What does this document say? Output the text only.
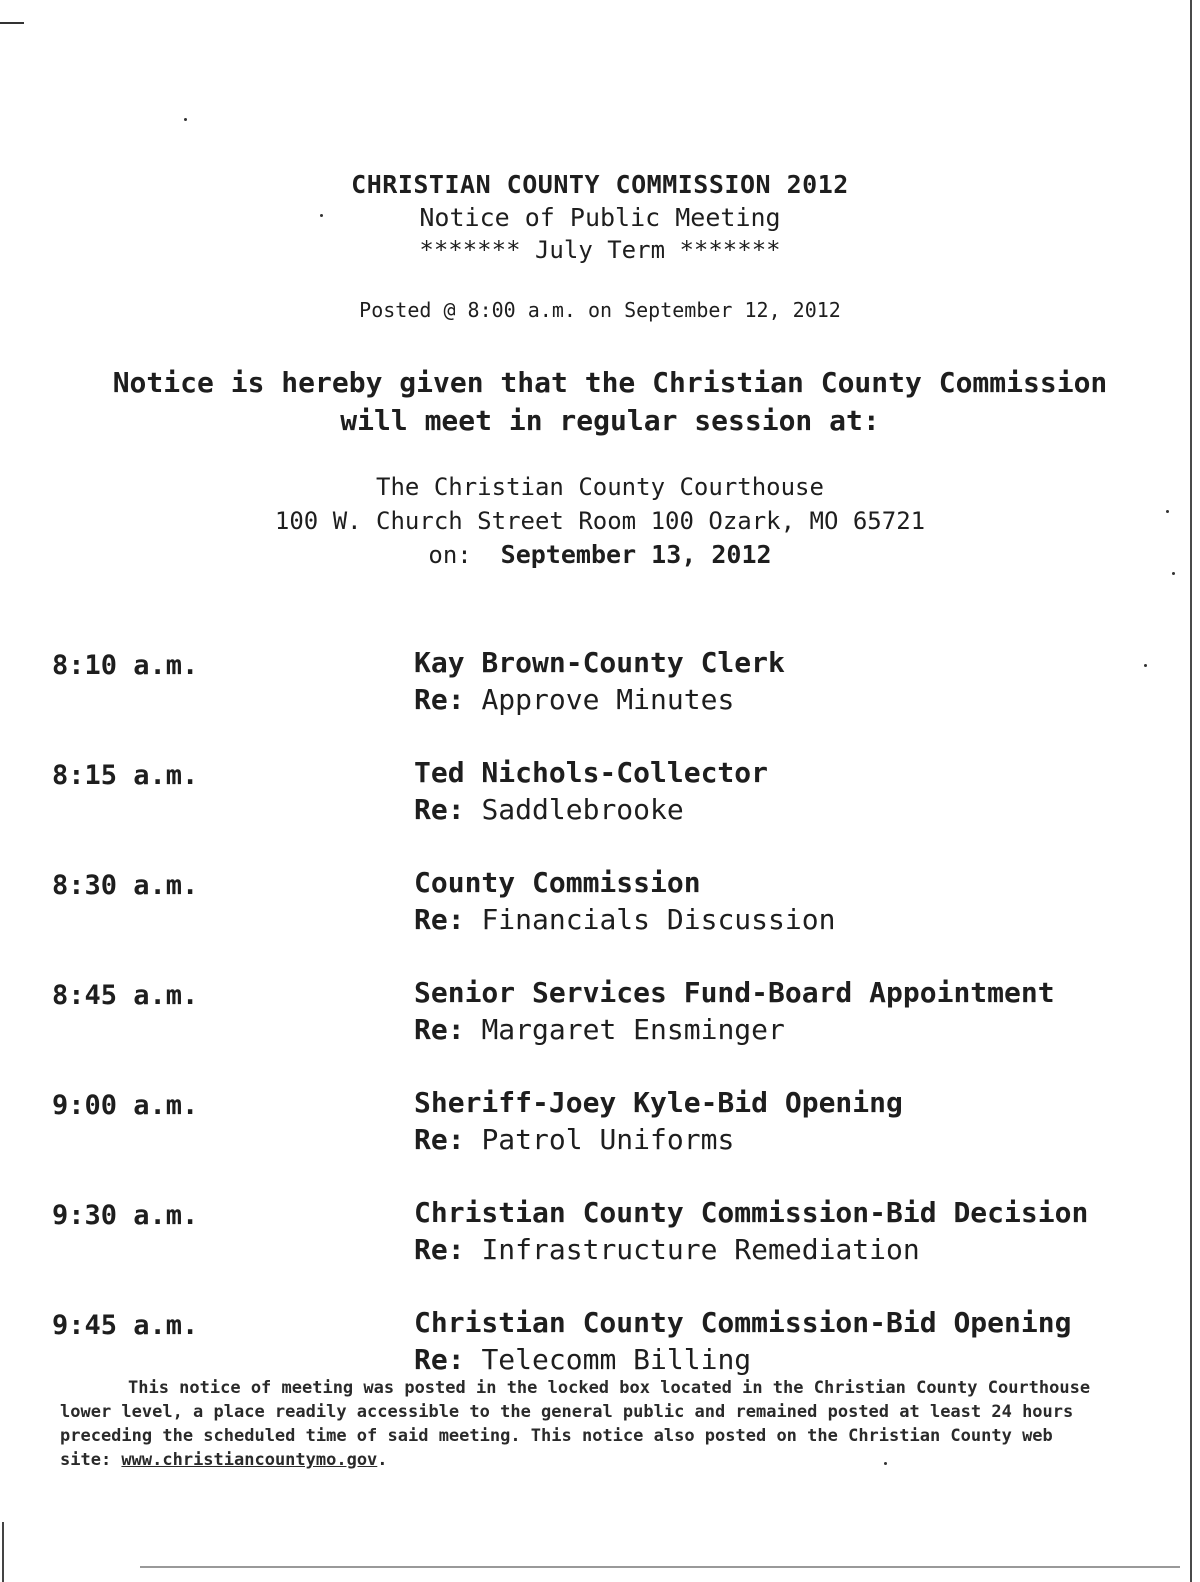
CHRISTIAN COUNTY COMMISSION 2012

Notice of Public Meeting

******* July Term *******

Posted @ 8:00 a.m. on September 12, 2012
Notice is hereby given that the Christian County Commission
will meet in regular session at:
The Christian County Courthouse
100 W. Church Street Room 100 Ozark, MO 65721
on: September 13, 2012
8:10 a.m.	Kay Brown-County Clerk
Re: Approve Minutes
8:15 a.m.	Ted Nichols-Collector
Re: Saddlebrooke
8:30 a.m.	County Commission
Re: Financials Discussion
8:45 a.m.	Senior Services Fund-Board Appointment
Re: Margaret Ensminger
9:00 a.m.	Sheriff-Joey Kyle-Bid Opening
Re: Patrol Uniforms
9:30 a.m.	Christian County Commission-Bid Decision
Re: Infrastructure Remediation
9:45 a.m.	Christian County Commission-Bid Opening
Re: Telecomm Billing
This notice of meeting was posted in the locked box located in the Christian County Courthouse
lower level, a place readily accessible to the general public and remained posted at least 24 hours
preceding the scheduled time of said meeting. This notice also posted on the Christian County web
site: www.christiancountymo.gov.
